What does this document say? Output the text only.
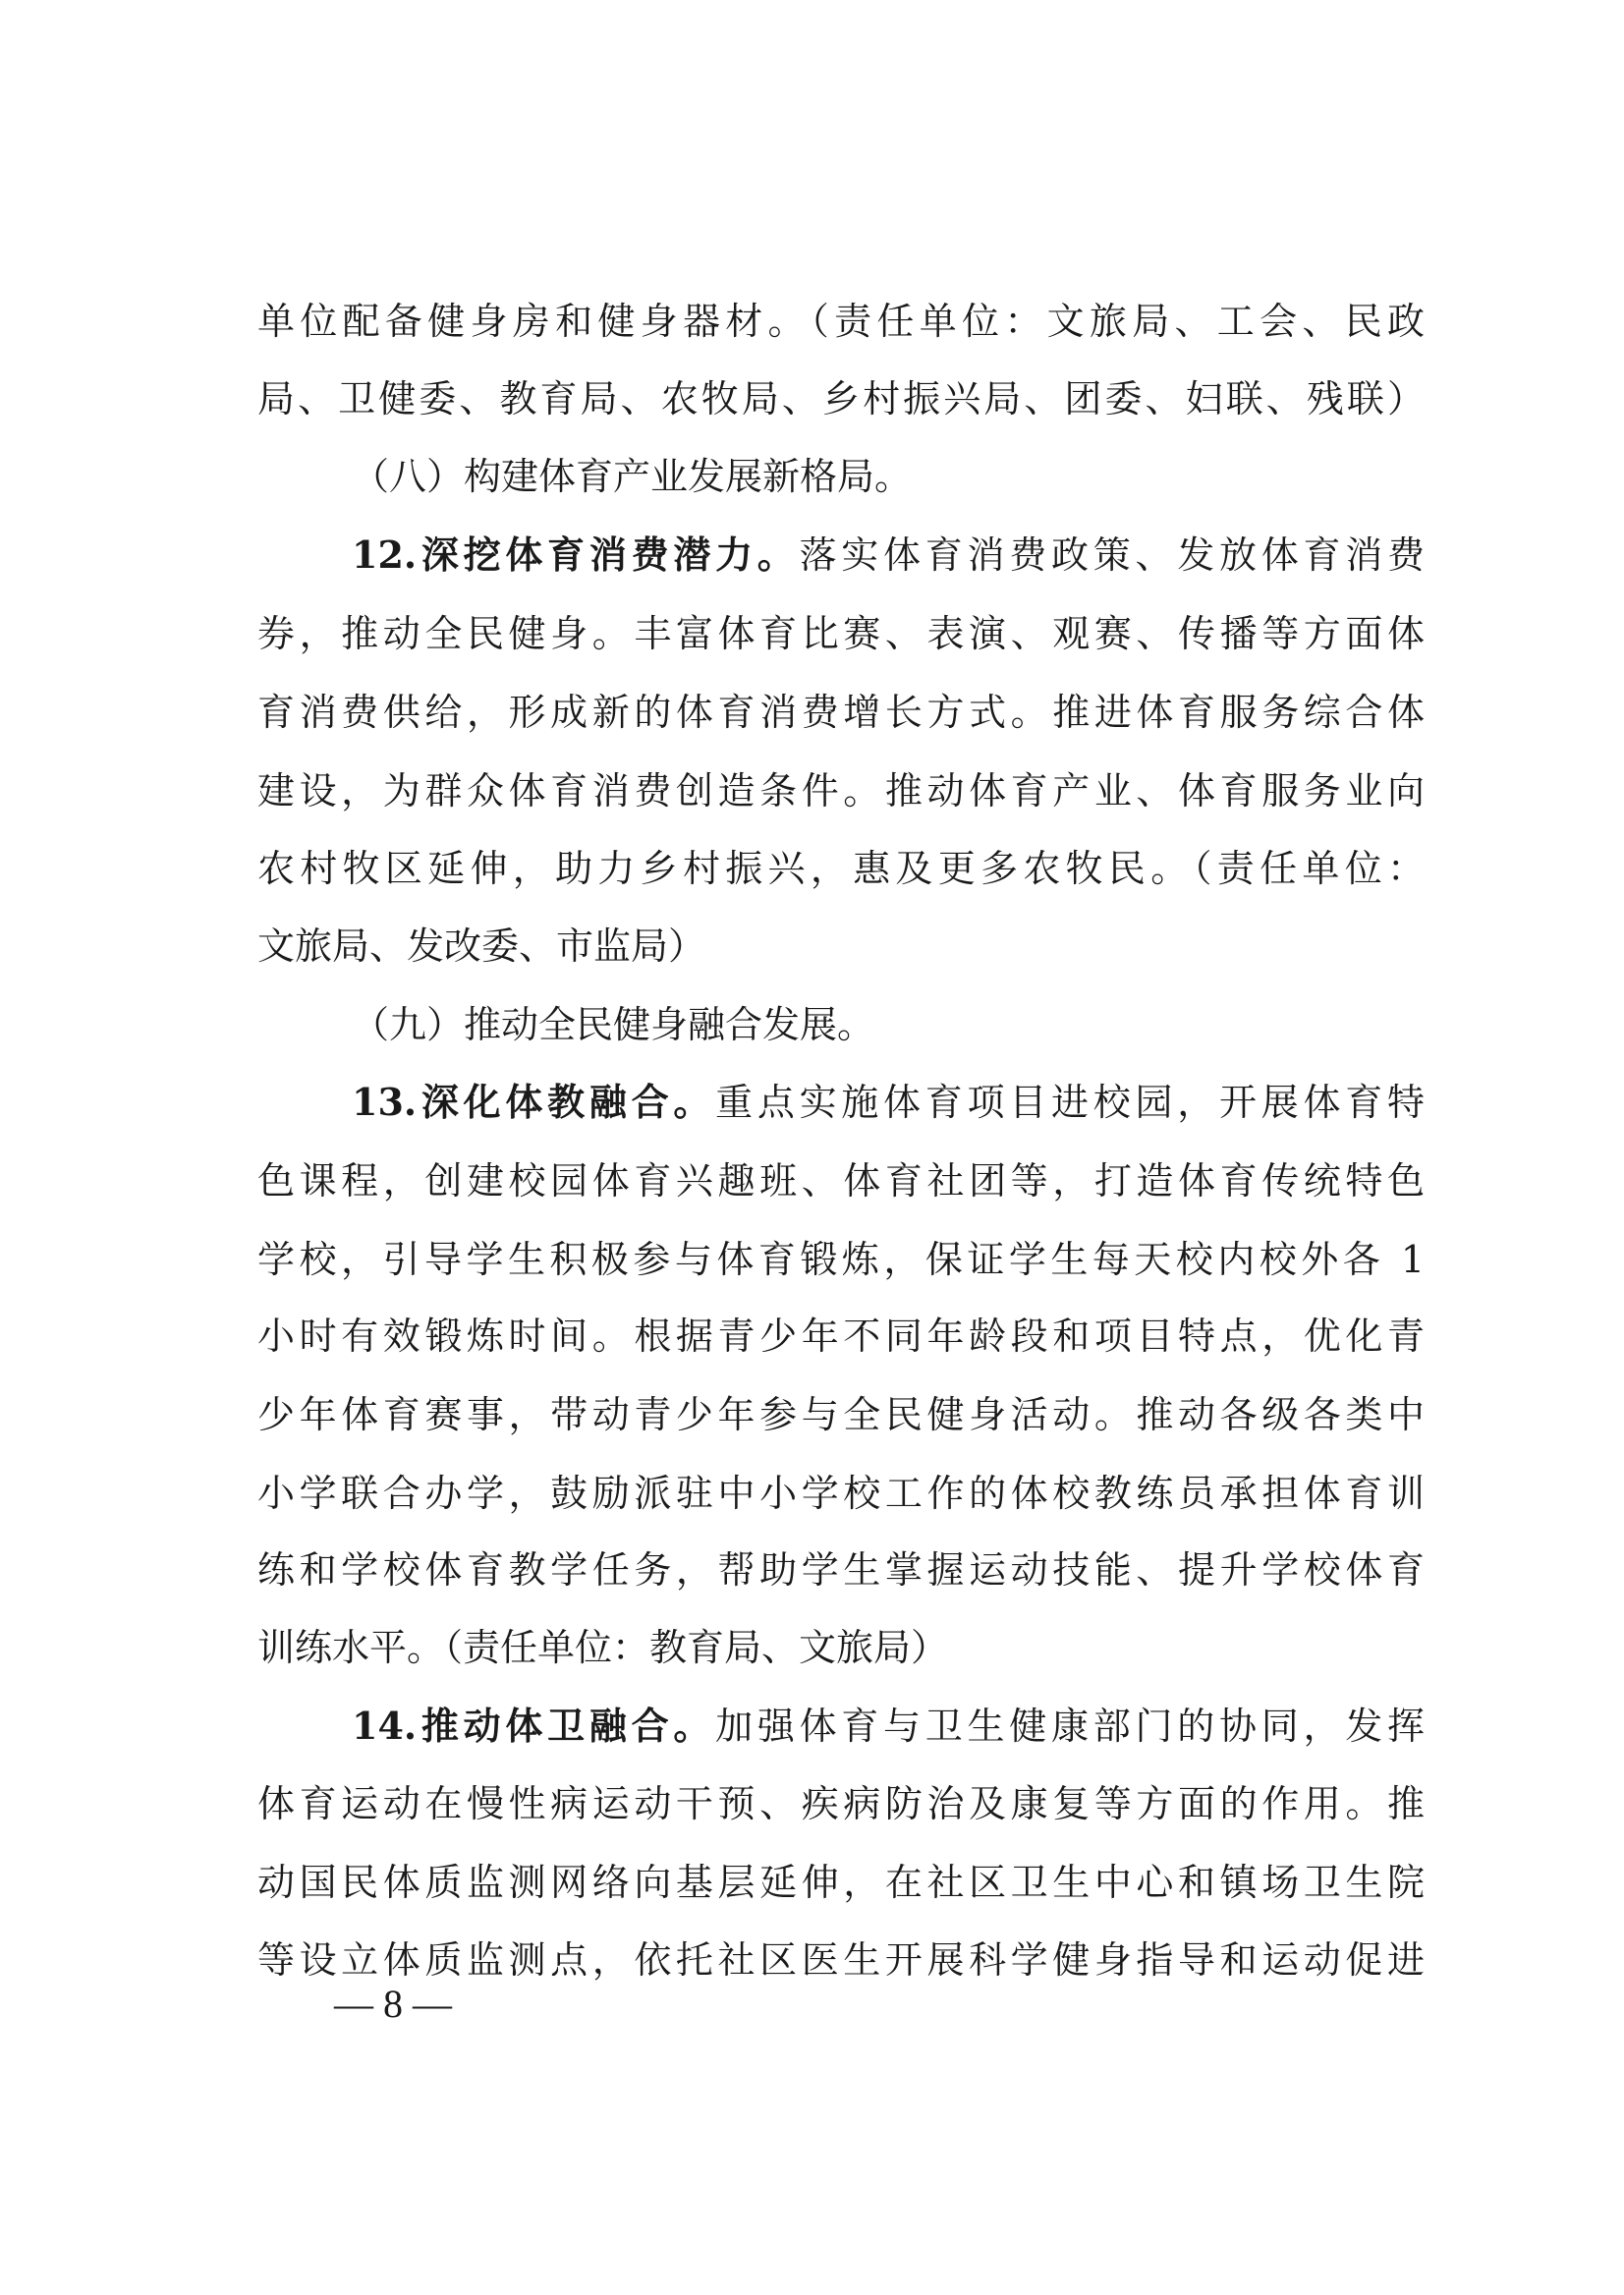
单位配备健身房和健身器材。（责任单位：文旅局、工会、民政
局、卫健委、教育局、农牧局、乡村振兴局、团委、妇联、残联）
（八）构建体育产业发展新格局。
12.深挖体育消费潜力。落实体育消费政策、发放体育消费
券，推动全民健身。丰富体育比赛、表演、观赛、传播等方面体
育消费供给，形成新的体育消费增长方式。推进体育服务综合体
建设，为群众体育消费创造条件。推动体育产业、体育服务业向
农村牧区延伸，助力乡村振兴，惠及更多农牧民。（责任单位：
文旅局、发改委、市监局）
（九）推动全民健身融合发展。
13.深化体教融合。重点实施体育项目进校园，开展体育特
色课程，创建校园体育兴趣班、体育社团等，打造体育传统特色
学校，引导学生积极参与体育锻炼，保证学生每天校内校外各 1
小时有效锻炼时间。根据青少年不同年龄段和项目特点，优化青
少年体育赛事，带动青少年参与全民健身活动。推动各级各类中
小学联合办学，鼓励派驻中小学校工作的体校教练员承担体育训
练和学校体育教学任务，帮助学生掌握运动技能、提升学校体育
训练水平。（责任单位：教育局、文旅局）
14.推动体卫融合。加强体育与卫生健康部门的协同，发挥
体育运动在慢性病运动干预、疾病防治及康复等方面的作用。推
动国民体质监测网络向基层延伸，在社区卫生中心和镇场卫生院
等设立体质监测点，依托社区医生开展科学健身指导和运动促进
— 8 —
